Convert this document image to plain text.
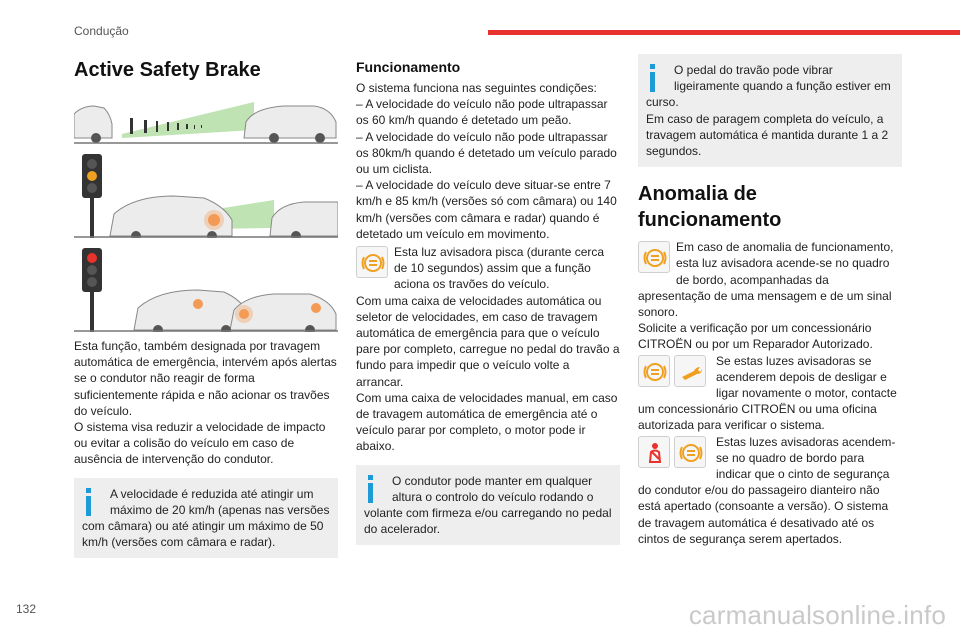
Condução
Active Safety Brake

Esta função, também designada por travagem automática de emergência, intervém após alertas se o condutor não reagir de forma suficientemente rápida e não acionar os travões do veículo.

O sistema visa reduzir a velocidade de impacto ou evitar a colisão do veículo em caso de ausência de intervenção do condutor.

A velocidade é reduzida até atingir um máximo de 20 km/h (apenas nas versões com câmara) ou até atingir um máximo de 50 km/h (versões com câmara e radar).
Funcionamento

O sistema funciona nas seguintes condições:

– A velocidade do veículo não pode ultrapassar os 60 km/h quando é detetado um peão.

– A velocidade do veículo não pode ultrapassar os 80km/h quando é detetado um veículo parado ou um ciclista.

– A velocidade do veículo deve situar-se entre 7 km/h e 85 km/h (versões só com câmara) ou 140 km/h (versões com câmara e radar) quando é detetado um veículo em movimento.

Esta luz avisadora pisca (durante cerca de 10 segundos) assim que a função aciona os travões do veículo.

Com uma caixa de velocidades automática ou seletor de velocidades, em caso de travagem automática de emergência para que o veículo pare por completo, carregue no pedal do travão a fundo para impedir que o veículo volte a arrancar.

Com uma caixa de velocidades manual, em caso de travagem automática de emergência até o veículo parar por completo, o motor pode ir abaixo.

O condutor pode manter em qualquer altura o controlo do veículo rodando o volante com firmeza e/ou carregando no pedal do acelerador.
O pedal do travão pode vibrar ligeiramente quando a função estiver em curso.

Em caso de paragem completa do veículo, a travagem automática é mantida durante 1 a 2 segundos.

Anomalia de funcionamento
Em caso de anomalia de funcionamento, esta luz avisadora acende-se no quadro de bordo, acompanhadas da apresentação de uma mensagem e de um sinal sonoro.

Solicite a verificação por um concessionário CITROËN ou por um Reparador Autorizado.

Se estas luzes avisadoras se acenderem depois de desligar e ligar novamente o motor, contacte um concessionário CITROËN ou uma oficina autorizada para verificar o sistema.
Estas luzes avisadoras acendem-se no quadro de bordo para indicar que o cinto de segurança do condutor e/ou do passageiro dianteiro não está apertado (consoante a versão). O sistema de travagem automática é desativado até os cintos de segurança serem apertados.
132	carmanualsonline.info
